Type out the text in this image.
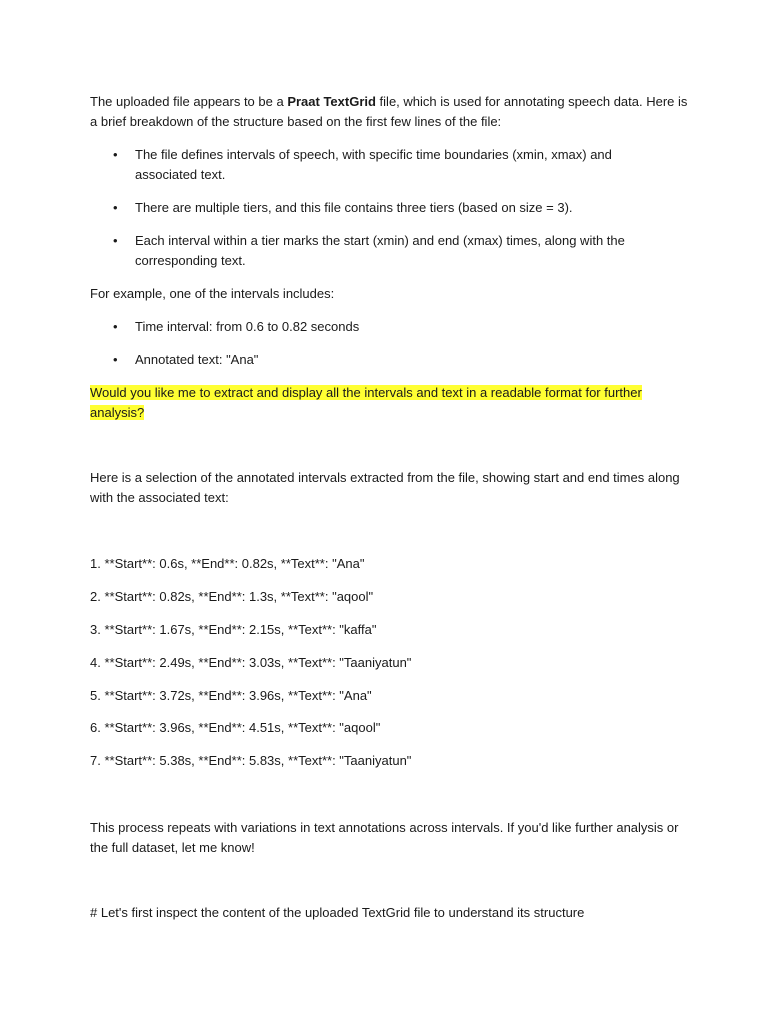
The uploaded file appears to be a Praat TextGrid file, which is used for annotating speech data. Here is a brief breakdown of the structure based on the first few lines of the file:

•	The file defines intervals of speech, with specific time boundaries (xmin, xmax) and associated text.
•	There are multiple tiers, and this file contains three tiers (based on size = 3).
•	Each interval within a tier marks the start (xmin) and end (xmax) times, along with the corresponding text.

For example, one of the intervals includes:

•	Time interval: from 0.6 to 0.82 seconds
•	Annotated text: "Ana"

Would you like me to extract and display all the intervals and text in a readable format for further
analysis?

Here is a selection of the annotated intervals extracted from the file, showing start and end times along with the associated text:

1. **Start**: 0.6s, **End**: 0.82s, **Text**: "Ana"

2. **Start**: 0.82s, **End**: 1.3s, **Text**: "aqool"

3. **Start**: 1.67s, **End**: 2.15s, **Text**: "kaffa"

4. **Start**: 2.49s, **End**: 3.03s, **Text**: "Taaniyatun"

5. **Start**: 3.72s, **End**: 3.96s, **Text**: "Ana"

6. **Start**: 3.96s, **End**: 4.51s, **Text**: "aqool"

7. **Start**: 5.38s, **End**: 5.83s, **Text**: "Taaniyatun"

This process repeats with variations in text annotations across intervals. If you'd like further analysis or the full dataset, let me know!

# Let's first inspect the content of the uploaded TextGrid file to understand its structure
